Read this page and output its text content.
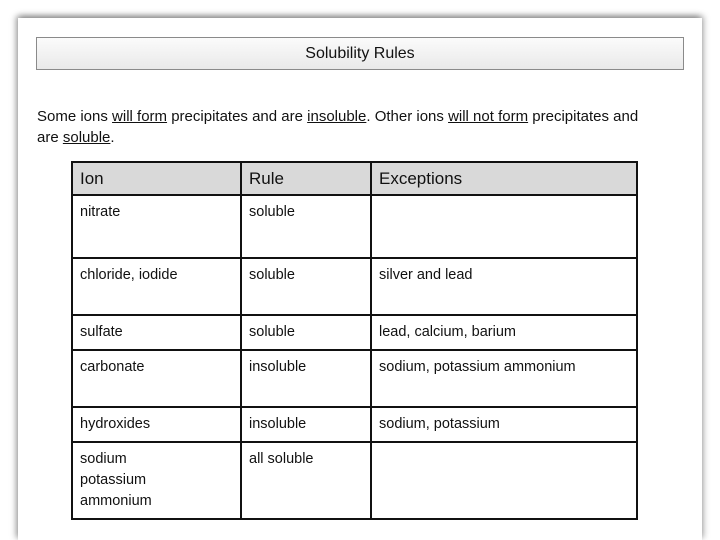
Solubility Rules
Some ions will form precipitates and are insoluble. Other ions will not form precipitates and are soluble.
Ion	Rule	Exceptions
nitrate	soluble	
chloride, iodide	soluble	silver and lead
sulfate	soluble	lead, calcium, barium
carbonate	insoluble	sodium, potassium ammonium
hydroxides	insoluble	sodium, potassium
sodium
potassium
ammonium	all soluble	
